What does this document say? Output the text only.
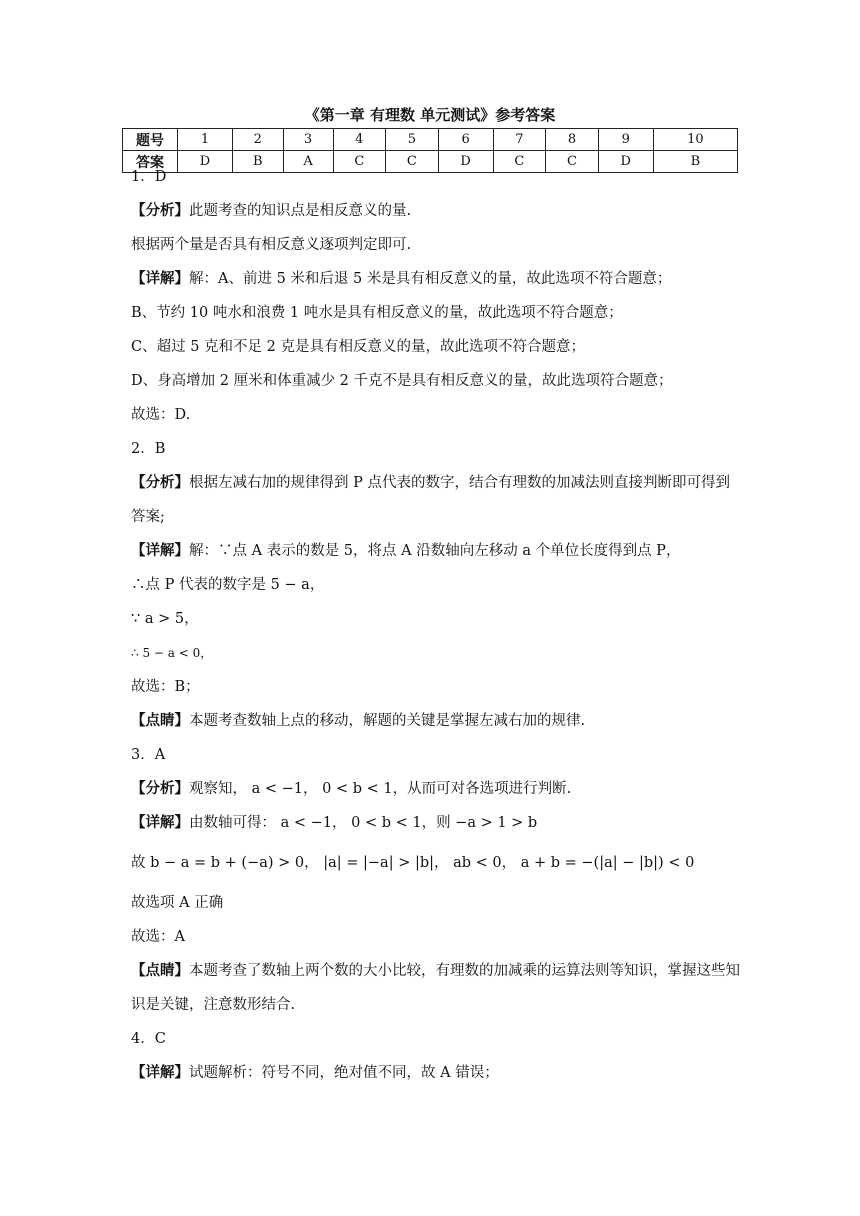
《第一章 有理数 单元测试》参考答案
题号	1	2	3	4	5	6	7	8	9	10
答案	D	B	A	C	C	D	C	C	D	B

1．D

【分析】此题考查的知识点是相反意义的量.

根据两个量是否具有相反意义逐项判定即可.

【详解】解：A、前进 5 米和后退 5 米是具有相反意义的量，故此选项不符合题意；

B、节约 10 吨水和浪费 1 吨水是具有相反意义的量，故此选项不符合题意；

C、超过 5 克和不足 2 克是具有相反意义的量，故此选项不符合题意；

D、身高增加 2 厘米和体重减少 2 千克不是具有相反意义的量，故此选项符合题意；

故选：D.

2．B

【分析】根据左减右加的规律得到 P 点代表的数字，结合有理数的加减法则直接判断即可得到答案;

【详解】解：∵点 A 表示的数是 5，将点 A 沿数轴向左移动 a 个单位长度得到点 P，

∴点 P 代表的数字是 5 − a，

∵ a > 5，

∴ 5 − a < 0，

故选：B；

【点睛】本题考查数轴上点的移动，解题的关键是掌握左减右加的规律.

3．A

【分析】观察知， a < −1， 0 < b < 1，从而可对各选项进行判断.

【详解】由数轴可得： a < −1， 0 < b < 1，则 −a > 1 > b

故 b − a = b + (−a) > 0， |a| = |−a| > |b|， ab < 0， a + b = −(|a| − |b|) < 0

故选项 A 正确

故选：A

【点睛】本题考查了数轴上两个数的大小比较，有理数的加减乘的运算法则等知识，掌握这些知识是关键，注意数形结合.

4．C

【详解】试题解析：符号不同，绝对值不同，故 A 错误；
